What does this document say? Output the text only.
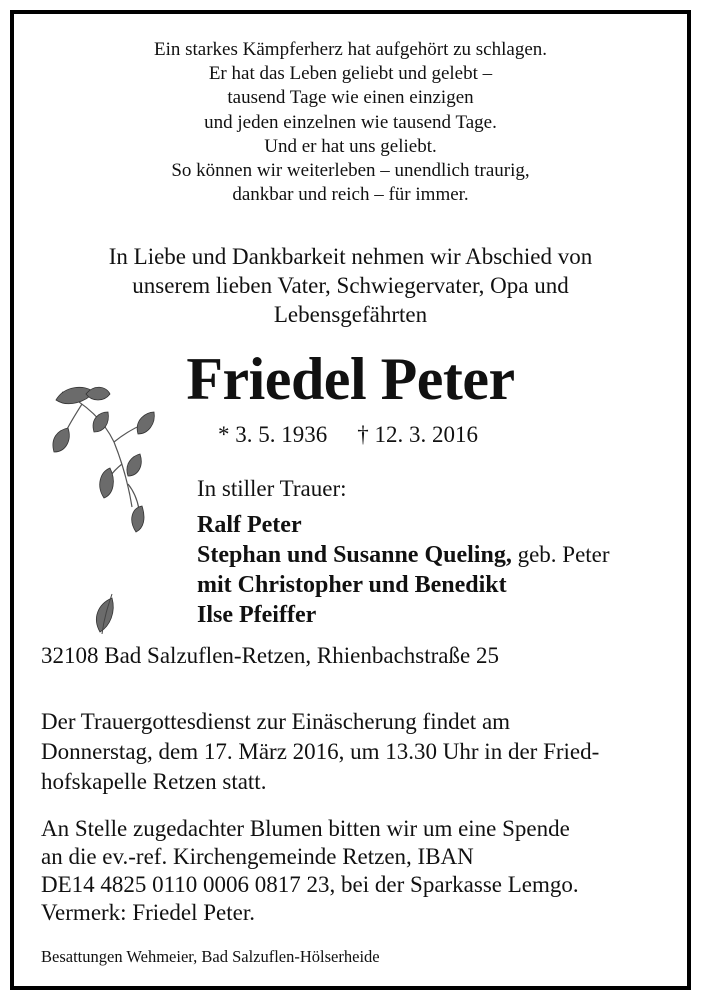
Ein starkes Kämpferherz hat aufgehört zu schlagen.
Er hat das Leben geliebt und gelebt –
tausend Tage wie einen einzigen
und jeden einzelnen wie tausend Tage.
Und er hat uns geliebt.
So können wir weiterleben – unendlich traurig,
dankbar und reich – für immer.
In Liebe und Dankbarkeit nehmen wir Abschied von
unserem lieben Vater, Schwiegervater, Opa und
Lebensgefährten
Friedel Peter
* 3. 5. 1936 † 12. 3. 2016
In stiller Trauer:
Ralf Peter
Stephan und Susanne Queling, geb. Peter
mit Christopher und Benedikt
Ilse Pfeiffer
32108 Bad Salzuflen-Retzen, Rhienbachstraße 25
Der Trauergottesdienst zur Einäscherung findet am
Donnerstag, dem 17. März 2016, um 13.30 Uhr in der Fried-
hofskapelle Retzen statt.
An Stelle zugedachter Blumen bitten wir um eine Spende
an die ev.-ref. Kirchengemeinde Retzen, IBAN
DE14 4825 0110 0006 0817 23, bei der Sparkasse Lemgo.
Vermerk: Friedel Peter.
Besattungen Wehmeier, Bad Salzuflen-Hölserheide
